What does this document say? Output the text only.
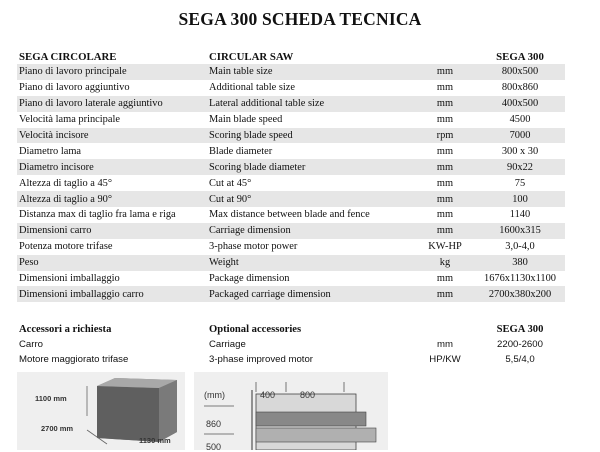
SEGA 300 SCHEDA TECNICA
SEGA CIRCOLARE	CIRCULAR SAW		SEGA 300
Piano di lavoro principale	Main table size	mm	800x500
Piano di lavoro aggiuntivo	Additional table size	mm	800x860
Piano di lavoro laterale aggiuntivo	Lateral additional table size	mm	400x500
Velocità lama principale	Main blade speed	mm	4500
Velocità incisore	Scoring blade speed	rpm	7000
Diametro lama	Blade diameter	mm	300 x 30
Diametro incisore	Scoring blade diameter	mm	90x22
Altezza di taglio a 45°	Cut at 45°	mm	75
Altezza di taglio a 90°	Cut at 90°	mm	100
Distanza max di taglio fra lama e riga	Max distance between blade and fence	mm	1140
Dimensioni carro	Carriage dimension	mm	1600x315
Potenza motore trifase	3-phase motor power	KW-HP	3,0-4,0
Peso	Weight	kg	380
Dimensioni imballaggio	Package dimension	mm	1676x1130x1100
Dimensioni imballaggio carro	Packaged carriage dimension	mm	2700x380x200
Accessori a richiesta	Optional accessories		SEGA 300
Carro	Carriage	mm	2200-2600
Motore maggiorato trifase	3-phase improved motor	HP/KW	5,5/4,0
1100 mm
2700 mm
1130 mm
(mm)	400	800
860
500
